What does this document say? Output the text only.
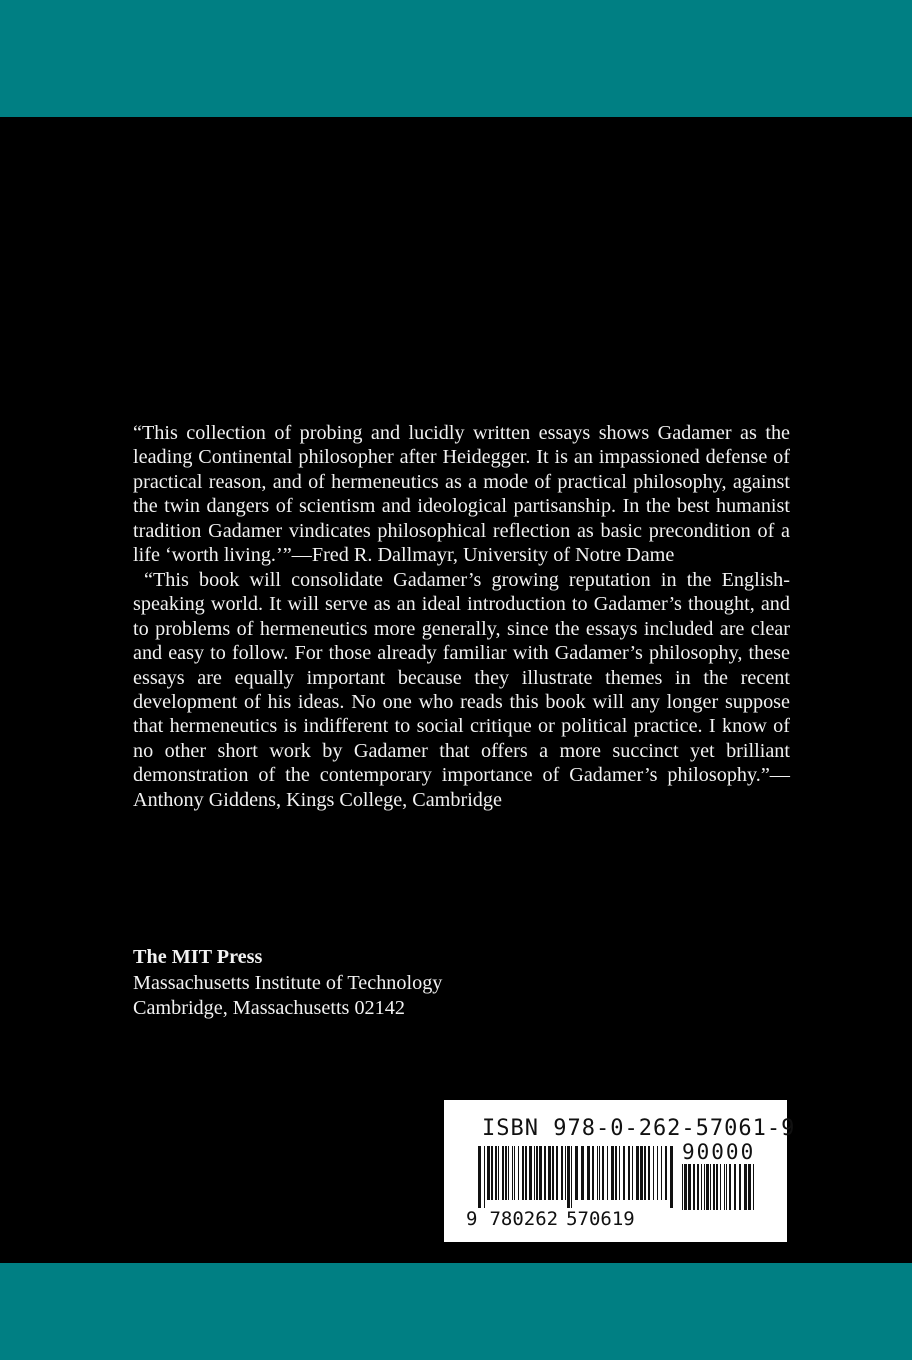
“This collection of probing and lucidly written essays shows Gadamer as the leading Continental philosopher after Heidegger. It is an impassioned defense of practical reason, and of hermeneutics as a mode of practical philosophy, against the twin dangers of scientism and ideological partisanship. In the best humanist tradition Gadamer vindicates philosophical reflection as basic precondition of a life ‘worth living.’”—Fred R. Dallmayr, University of Notre Dame

“This book will consolidate Gadamer’s growing reputation in the English-speaking world. It will serve as an ideal introduction to Gadamer’s thought, and to problems of hermeneutics more generally, since the essays included are clear and easy to follow. For those already familiar with Gadamer’s philosophy, these essays are equally important because they illustrate themes in the recent development of his ideas. No one who reads this book will any longer suppose that hermeneutics is indifferent to social critique or political practice. I know of no other short work by Gadamer that offers a more succinct yet brilliant demonstration of the contemporary importance of Gadamer’s philosophy.”—Anthony Giddens, Kings College, Cambridge

The MIT Press
Massachusetts Institute of Technology
Cambridge, Massachusetts 02142
ISBN 978-0-262-57061-9
90000
9 780262 570619
